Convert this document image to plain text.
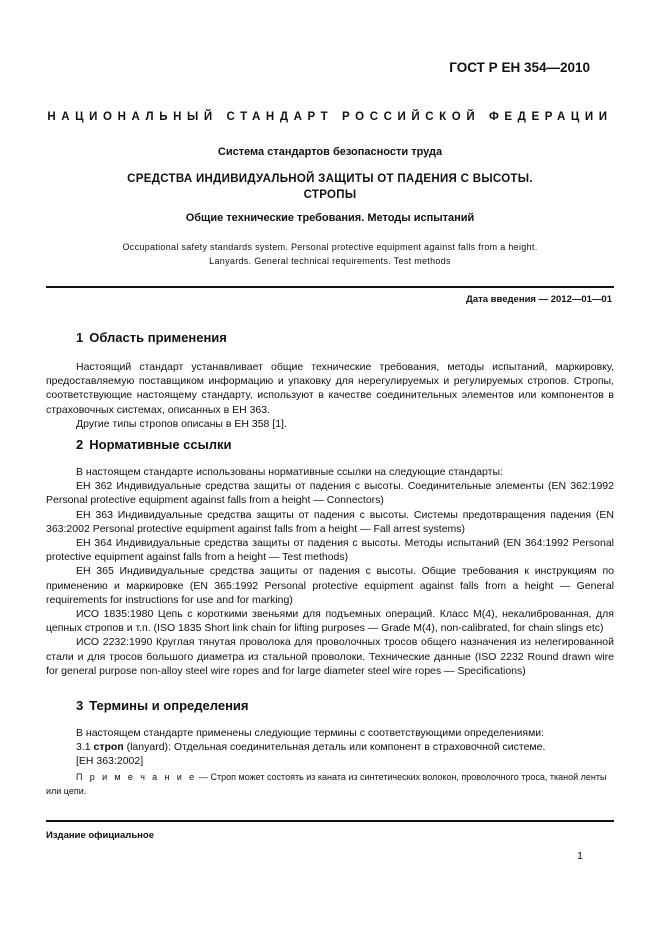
ГОСТ Р ЕН 354—2010
НАЦИОНАЛЬНЫЙ СТАНДАРТ РОССИЙСКОЙ ФЕДЕРАЦИИ
Система стандартов безопасности труда
СРЕДСТВА ИНДИВИДУАЛЬНОЙ ЗАЩИТЫ ОТ ПАДЕНИЯ С ВЫСОТЫ.
СТРОПЫ
Общие технические требования. Методы испытаний
Occupational safety standards system. Personal protective equipment against falls from a height.
Lanyards. General technical requirements. Test methods
Дата введения — 2012—01—01
1 Область применения

Настоящий стандарт устанавливает общие технические требования, методы испытаний, маркировку, предоставляемую поставщиком информацию и упаковку для нерегулируемых и регулируемых стропов. Стропы, соответствующие настоящему стандарту, используют в качестве соединительных элементов или компонентов в страховочных системах, описанных в ЕН 363.

Другие типы стропов описаны в ЕН 358 [1].

2 Нормативные ссылки

В настоящем стандарте использованы нормативные ссылки на следующие стандарты:

ЕН 362 Индивидуальные средства защиты от падения с высоты. Соединительные элементы (EN 362:1992 Personal protective equipment against falls from a height — Connectors)

ЕН 363 Индивидуальные средства защиты от падения с высоты. Системы предотвращения падения (EN 363:2002 Personal protective equipment against falls from a height — Fall arrest systems)

ЕН 364 Индивидуальные средства защиты от падения с высоты. Методы испытаний (EN 364:1992 Personal protective equipment against falls from a height — Test methods)

ЕН 365 Индивидуальные средства защиты от падения с высоты. Общие требования к инструкциям по применению и маркировке (EN 365:1992 Personal protective equipment against falls from a height — General requirements for instructions for use and for marking)

ИСО 1835:1980 Цепь с короткими звеньями для подъемных операций. Класс М(4), некалиброванная, для цепных стропов и т.п. (ISO 1835 Short link chain for lifting purposes — Grade M(4), non-calibrated, for chain slings etc)

ИСО 2232:1990 Круглая тянутая проволока для проволочных тросов общего назначения из нелегированной стали и для тросов большого диаметра из стальной проволоки. Технические данные (ISO 2232 Round drawn wire for general purpose non-alloy steel wire ropes and for large diameter steel wire ropes — Specifications)

3 Термины и определения

В настоящем стандарте применены следующие термины с соответствующими определениями:

3.1 строп (lanyard): Отдельная соединительная деталь или компонент в страховочной системе.

[ЕН 363:2002]

П р и м е ч а н и е — Строп может состоять из каната из синтетических волокон, проволочного троса, тканой ленты или цепи.

Издание официальное
1
